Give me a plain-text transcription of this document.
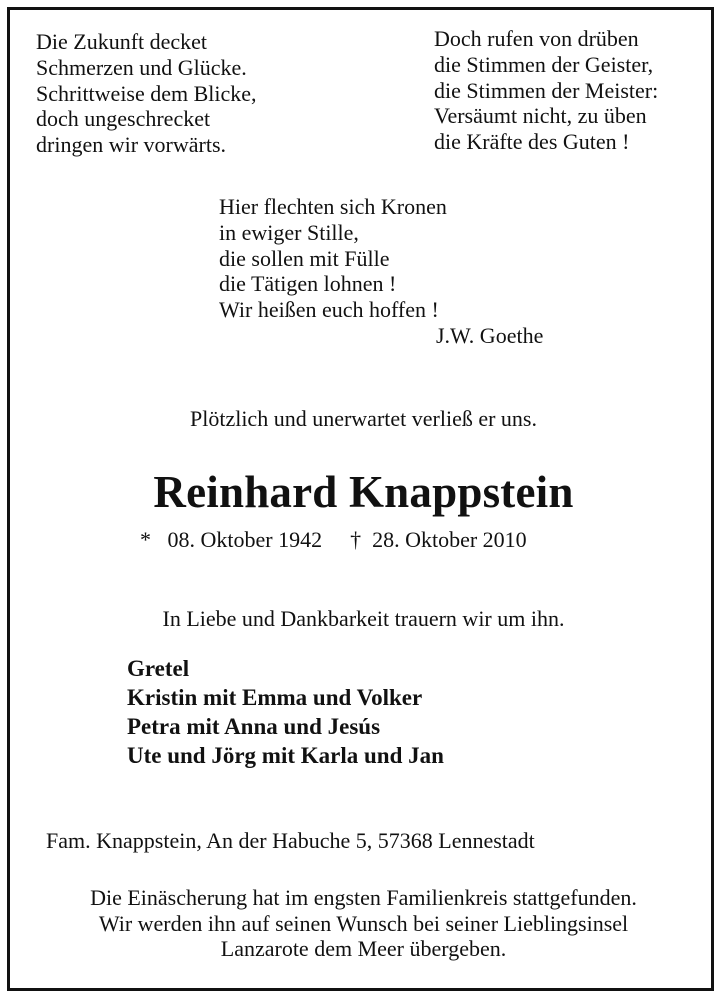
Die Zukunft decket
Schmerzen und Glücke.
Schrittweise dem Blicke,
doch ungeschrecket
dringen wir vorwärts.
Doch rufen von drüben
die Stimmen der Geister,
die Stimmen der Meister:
Versäumt nicht, zu üben
die Kräfte des Guten !
Hier flechten sich Kronen
in ewiger Stille,
die sollen mit Fülle
die Tätigen lohnen !
Wir heißen euch hoffen !
J.W. Goethe
Plötzlich und unerwartet verließ er uns.
Reinhard Knappstein
* 08. Oktober 1942 † 28. Oktober 2010
In Liebe und Dankbarkeit trauern wir um ihn.
Gretel
Kristin mit Emma und Volker
Petra mit Anna und Jesús
Ute und Jörg mit Karla und Jan
Fam. Knappstein, An der Habuche 5, 57368 Lennestadt
Die Einäscherung hat im engsten Familienkreis stattgefunden.
Wir werden ihn auf seinen Wunsch bei seiner Lieblingsinsel
Lanzarote dem Meer übergeben.
